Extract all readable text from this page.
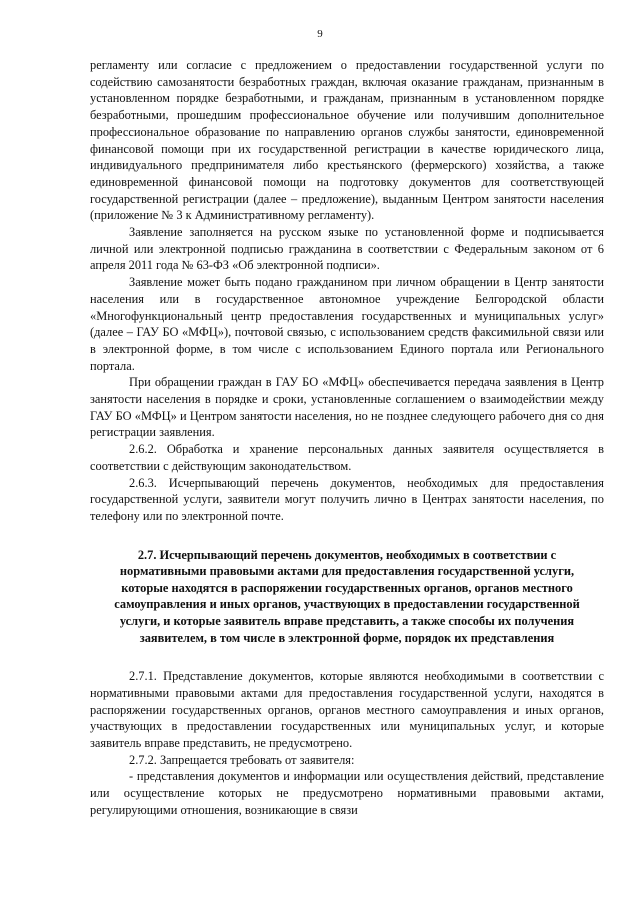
9

регламенту или согласие с предложением о предоставлении государственной услуги по содействию самозанятости безработных граждан, включая оказание гражданам, признанным в установленном порядке безработными, и гражданам, признанным в установленном порядке безработными, прошедшим профессиональное обучение или получившим дополнительное профессиональное образование по направлению органов службы занятости, единовременной финансовой помощи при их государственной регистрации в качестве юридического лица, индивидуального предпринимателя либо крестьянского (фермерского) хозяйства, а также единовременной финансовой помощи на подготовку документов для соответствующей государственной регистрации (далее – предложение), выданным Центром занятости населения (приложение № 3 к Административному регламенту).

Заявление заполняется на русском языке по установленной форме и подписывается личной или электронной подписью гражданина в соответствии с Федеральным законом от 6 апреля 2011 года № 63-ФЗ «Об электронной подписи».

Заявление может быть подано гражданином при личном обращении в Центр занятости населения или в государственное автономное учреждение Белгородской области «Многофункциональный центр предоставления государственных и муниципальных услуг» (далее – ГАУ БО «МФЦ»), почтовой связью, с использованием средств факсимильной связи или в электронной форме, в том числе с использованием Единого портала или Регионального портала.

При обращении граждан в ГАУ БО «МФЦ» обеспечивается передача заявления в Центр занятости населения в порядке и сроки, установленные соглашением о взаимодействии между ГАУ БО «МФЦ» и Центром занятости населения, но не позднее следующего рабочего дня со дня регистрации заявления.

2.6.2. Обработка и хранение персональных данных заявителя осуществляется в соответствии с действующим законодательством.

2.6.3. Исчерпывающий перечень документов, необходимых для предоставления государственной услуги, заявители могут получить лично в Центрах занятости населения, по телефону или по электронной почте.

2.7. Исчерпывающий перечень документов, необходимых в соответствии с нормативными правовыми актами для предоставления государственной услуги, которые находятся в распоряжении государственных органов, органов местного самоуправления и иных органов, участвующих в предоставлении государственной услуги, и которые заявитель вправе представить, а также способы их получения заявителем, в том числе в электронной форме, порядок их представления

2.7.1. Представление документов, которые являются необходимыми в соответствии с нормативными правовыми актами для предоставления государственной услуги, находятся в распоряжении государственных органов, органов местного самоуправления и иных органов, участвующих в предоставлении государственных или муниципальных услуг, и которые заявитель вправе представить, не предусмотрено.

2.7.2. Запрещается требовать от заявителя:

- представления документов и информации или осуществления действий, представление или осуществление которых не предусмотрено нормативными правовыми актами, регулирующими отношения, возникающие в связи
